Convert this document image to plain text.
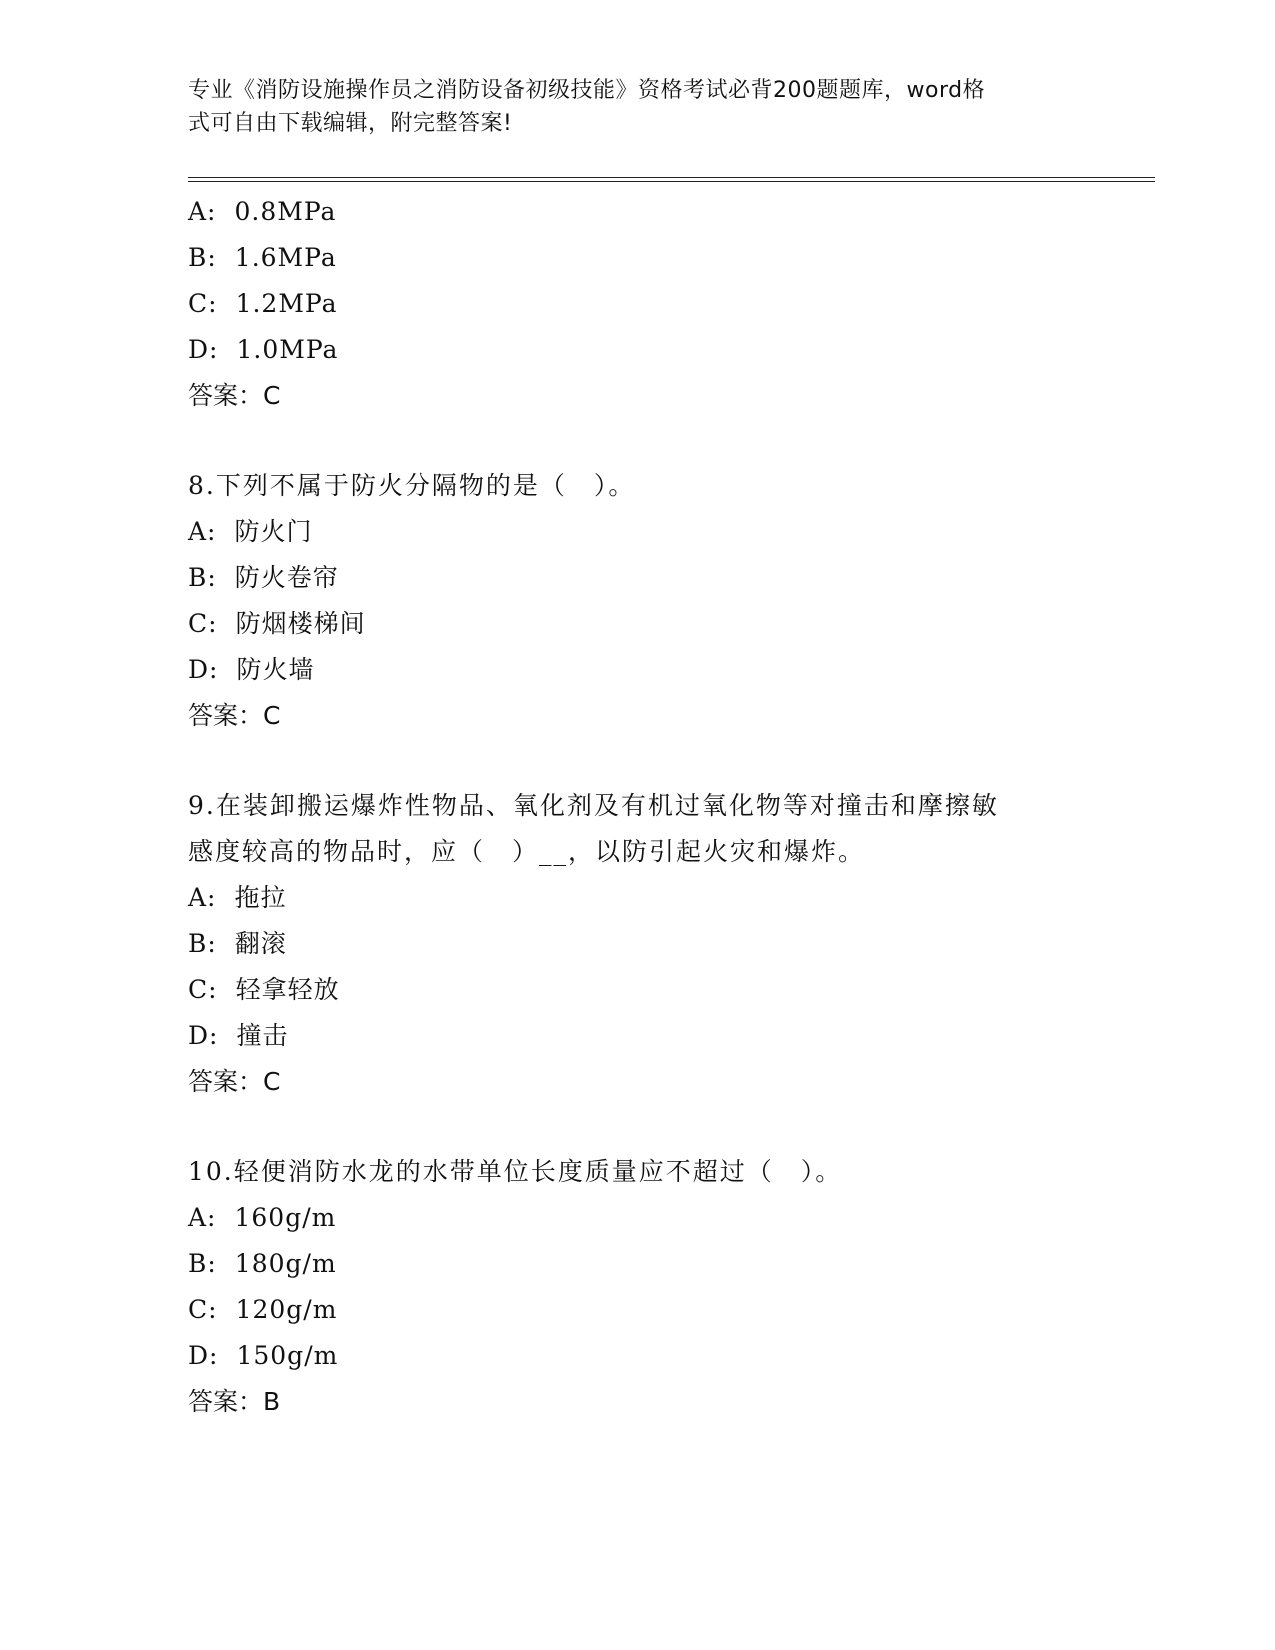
专业《消防设施操作员之消防设备初级技能》资格考试必背200题题库，word格
式可自由下载编辑，附完整答案!
A: 0.8MPa
B: 1.6MPa
C: 1.2MPa
D: 1.0MPa
答案：C
8.下列不属于防火分隔物的是（　）。
A: 防火门
B: 防火卷帘
C: 防烟楼梯间
D: 防火墙
答案：C
9.在装卸搬运爆炸性物品、氧化剂及有机过氧化物等对撞击和摩擦敏
感度较高的物品时，应（　）__，以防引起火灾和爆炸。
A: 拖拉
B: 翻滚
C: 轻拿轻放
D: 撞击
答案：C
10.轻便消防水龙的水带单位长度质量应不超过（　）。
A: 160g/m
B: 180g/m
C: 120g/m
D: 150g/m
答案：B
